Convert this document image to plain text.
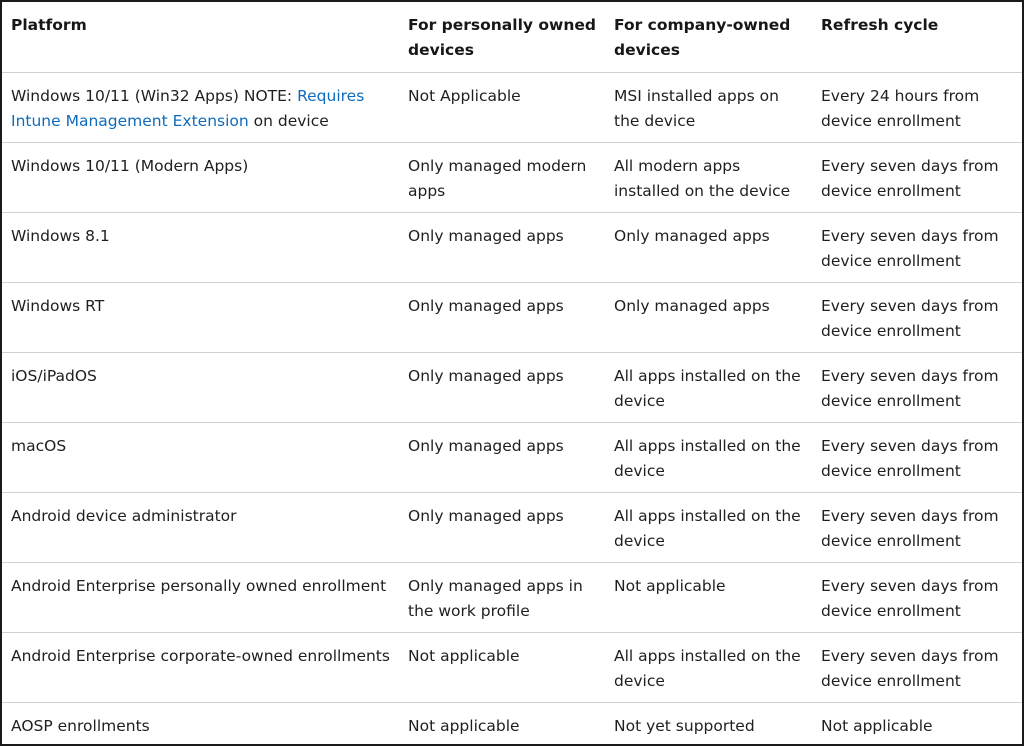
Platform	For personally owned devices	For company-owned devices	Refresh cycle
Windows 10/11 (Win32 Apps) NOTE: Requires Intune Management Extension on device	Not Applicable	MSI installed apps on the device	Every 24 hours from device enrollment
Windows 10/11 (Modern Apps)	Only managed modern apps	All modern apps installed on the device	Every seven days from device enrollment
Windows 8.1	Only managed apps	Only managed apps	Every seven days from device enrollment
Windows RT	Only managed apps	Only managed apps	Every seven days from device enrollment
iOS/iPadOS	Only managed apps	All apps installed on the device	Every seven days from device enrollment
macOS	Only managed apps	All apps installed on the device	Every seven days from device enrollment
Android device administrator	Only managed apps	All apps installed on the device	Every seven days from device enrollment
Android Enterprise personally owned enrollment	Only managed apps in the work profile	Not applicable	Every seven days from device enrollment
Android Enterprise corporate-owned enrollments	Not applicable	All apps installed on the device	Every seven days from device enrollment
AOSP enrollments	Not applicable	Not yet supported	Not applicable
